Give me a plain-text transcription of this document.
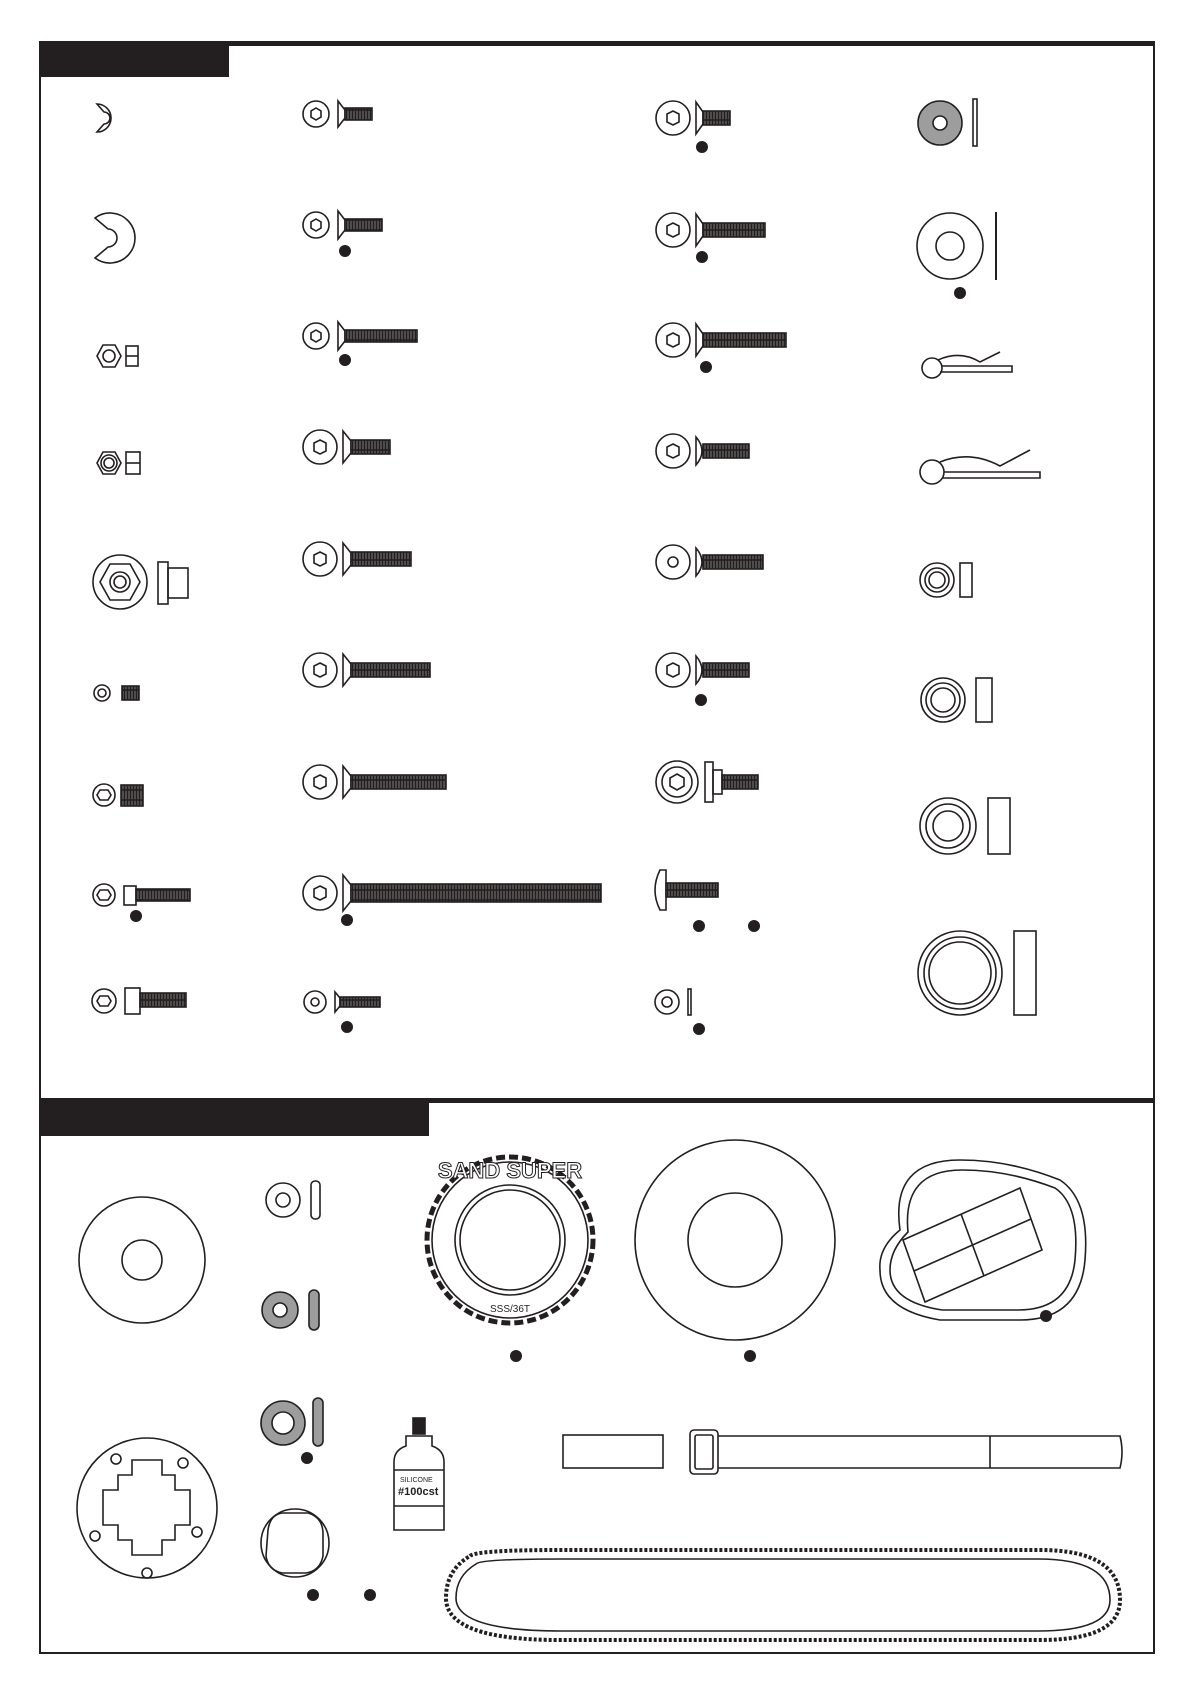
SAND SUPER
SSS/36T
SILICONE
#100cst
